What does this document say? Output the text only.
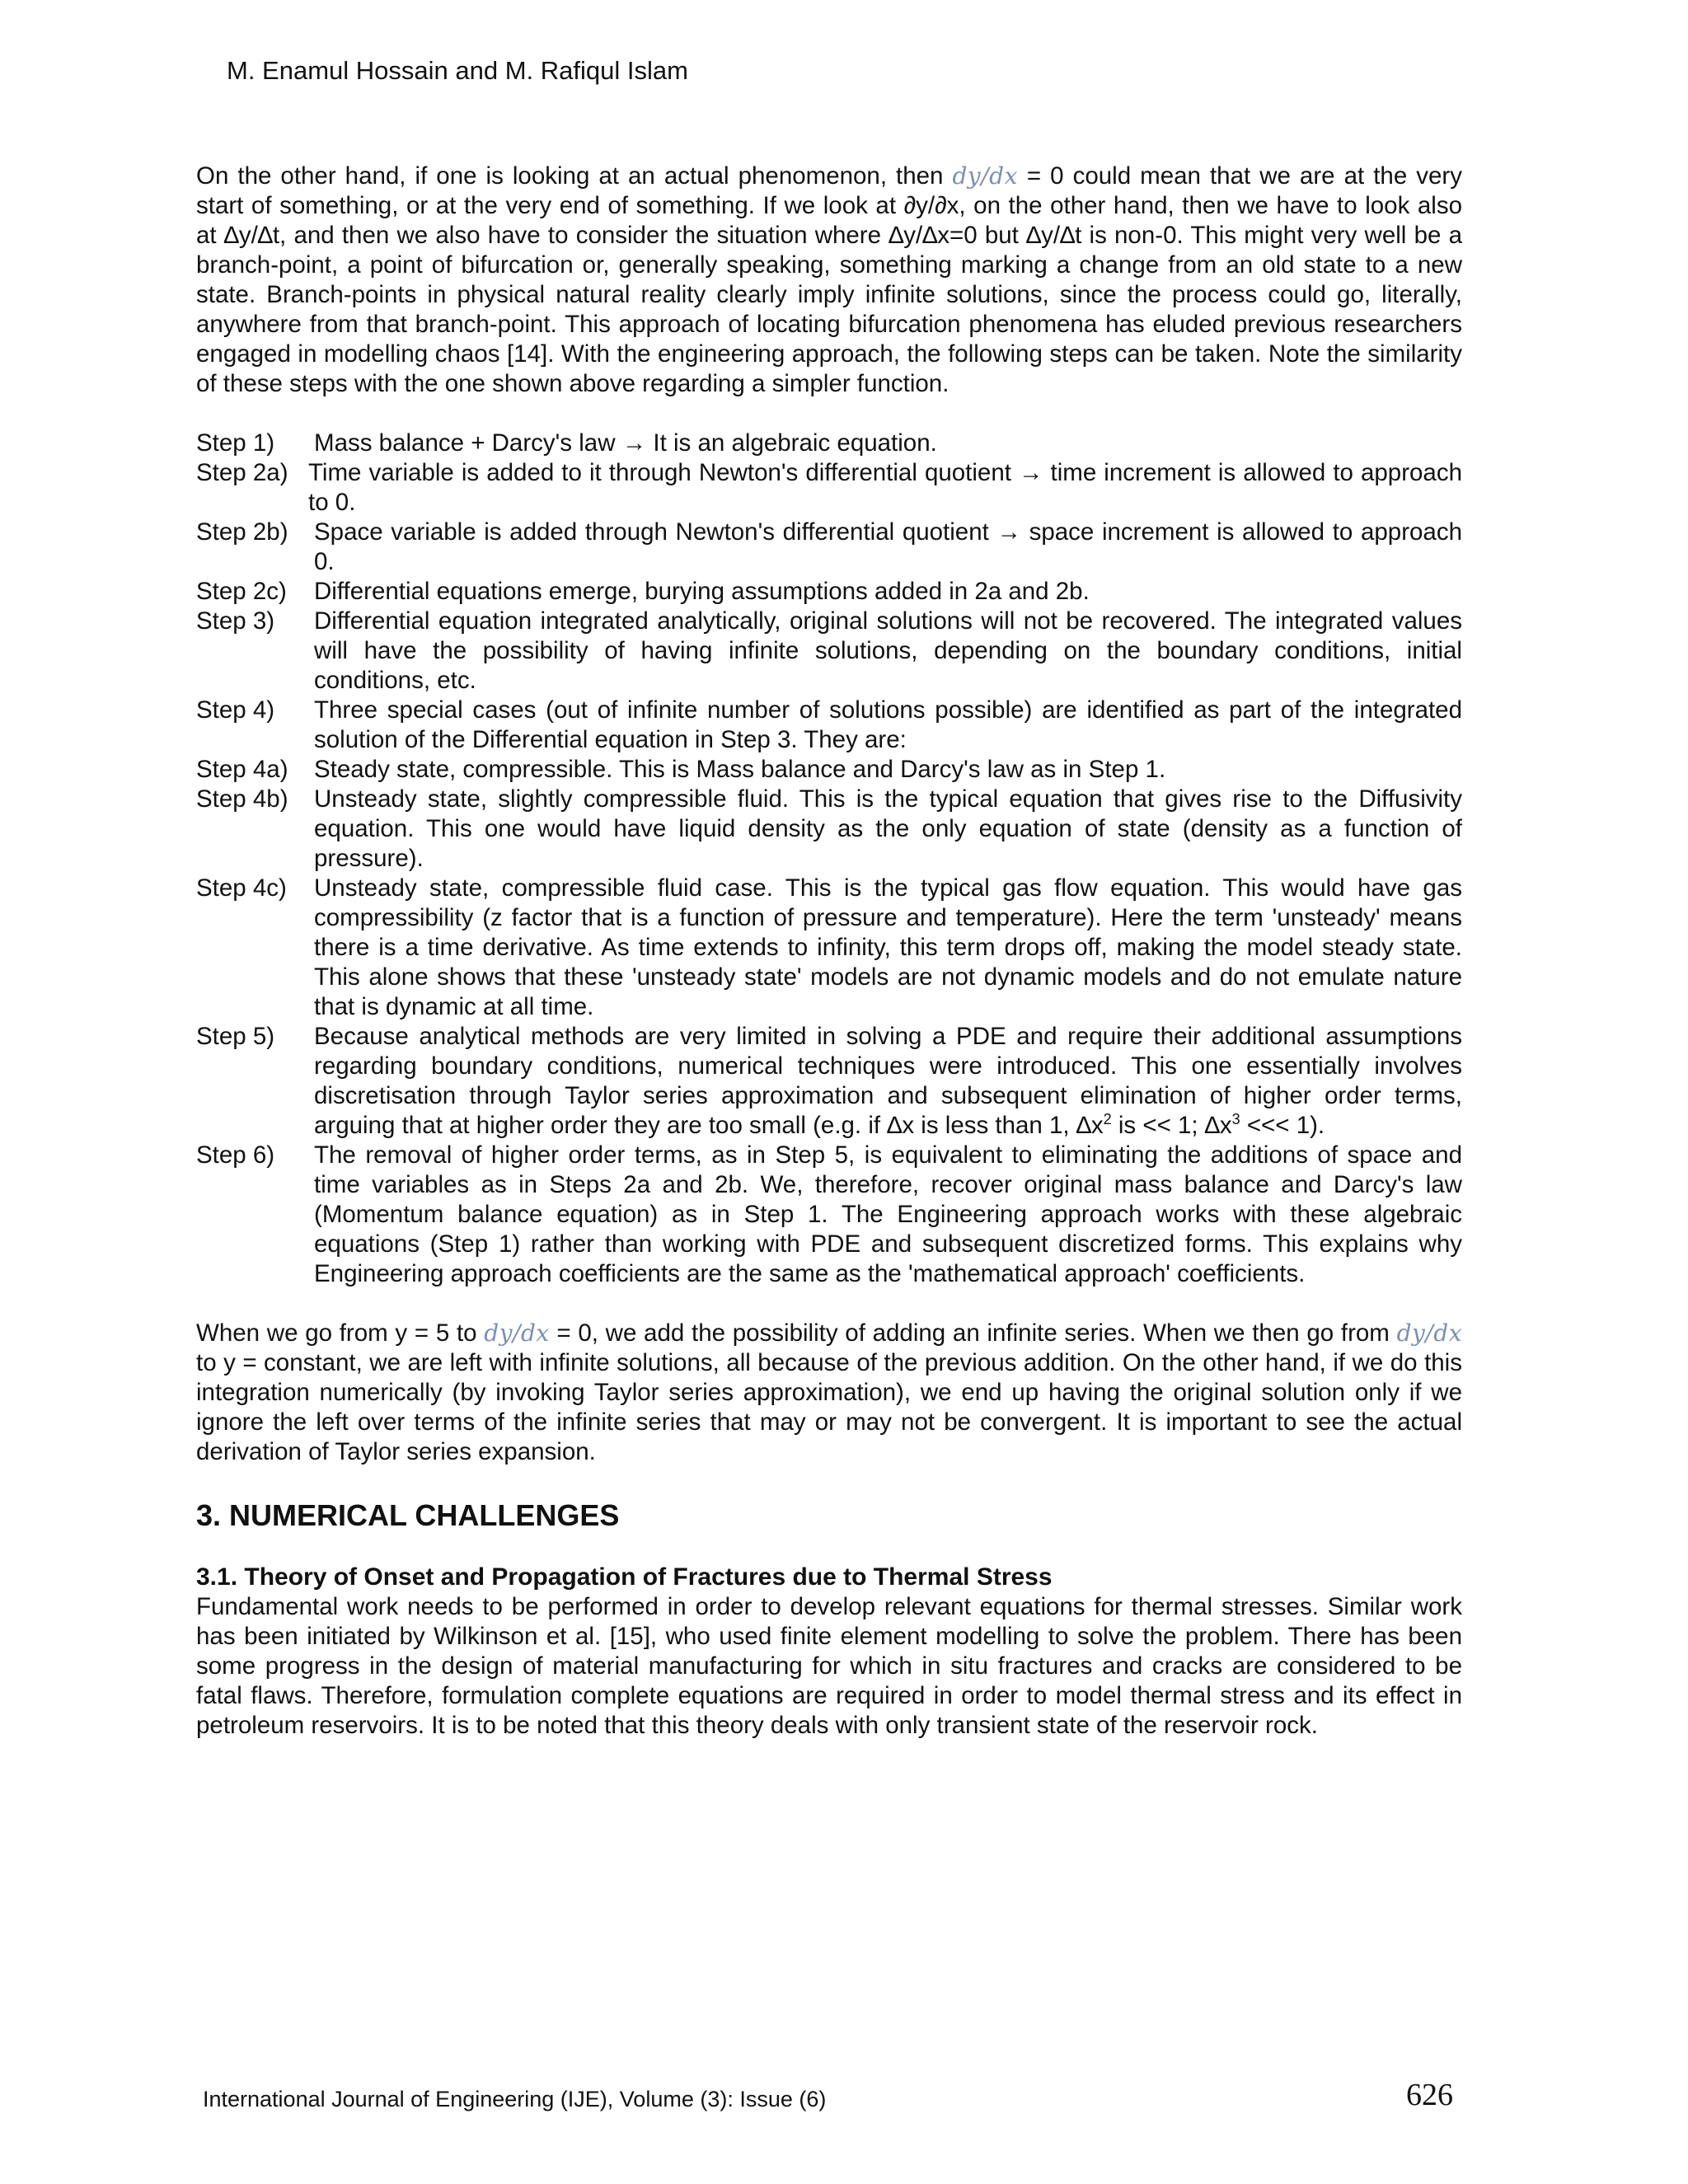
M. Enamul Hossain and M. Rafiqul Islam

On the other hand, if one is looking at an actual phenomenon, then dy/dx = 0 could mean that we are at the very start of something, or at the very end of something. If we look at ∂y/∂x, on the other hand, then we have to look also at ∆y/∆t, and then we also have to consider the situation where ∆y/∆x=0 but ∆y/∆t is non-0. This might very well be a branch-point, a point of bifurcation or, generally speaking, something marking a change from an old state to a new state. Branch-points in physical natural reality clearly imply infinite solutions, since the process could go, literally, anywhere from that branch-point. This approach of locating bifurcation phenomena has eluded previous researchers engaged in modelling chaos [14]. With the engineering approach, the following steps can be taken. Note the similarity of these steps with the one shown above regarding a simpler function.

Step 1)	Mass balance + Darcy's law → It is an algebraic equation.
Step 2a) Time variable is added to it through Newton's differential quotient → time increment is allowed to approach to 0.
Step 2b)	Space variable is added through Newton's differential quotient → space increment is allowed to approach 0.
Step 2c)	Differential equations emerge, burying assumptions added in 2a and 2b.
Step 3)	Differential equation integrated analytically, original solutions will not be recovered. The integrated values will have the possibility of having infinite solutions, depending on the boundary conditions, initial conditions, etc.
Step 4)	Three special cases (out of infinite number of solutions possible) are identified as part of the integrated solution of the Differential equation in Step 3. They are:
Step 4a)	Steady state, compressible. This is Mass balance and Darcy's law as in Step 1.
Step 4b)	Unsteady state, slightly compressible fluid. This is the typical equation that gives rise to the Diffusivity equation. This one would have liquid density as the only equation of state (density as a function of pressure).
Step 4c)	Unsteady state, compressible fluid case. This is the typical gas flow equation. This would have gas compressibility (z factor that is a function of pressure and temperature). Here the term 'unsteady' means there is a time derivative. As time extends to infinity, this term drops off, making the model steady state. This alone shows that these 'unsteady state' models are not dynamic models and do not emulate nature that is dynamic at all time.
Step 5)	Because analytical methods are very limited in solving a PDE and require their additional assumptions regarding boundary conditions, numerical techniques were introduced. This one essentially involves discretisation through Taylor series approximation and subsequent elimination of higher order terms, arguing that at higher order they are too small (e.g. if ∆x is less than 1, $\Delta x^2$ is << 1; $\Delta x^3$ <<< 1).
Step 6)	The removal of higher order terms, as in Step 5, is equivalent to eliminating the additions of space and time variables as in Steps 2a and 2b. We, therefore, recover original mass balance and Darcy's law (Momentum balance equation) as in Step 1. The Engineering approach works with these algebraic equations (Step 1) rather than working with PDE and subsequent discretized forms. This explains why Engineering approach coefficients are the same as the 'mathematical approach' coefficients.

When we go from y = 5 to dy/dx = 0, we add the possibility of adding an infinite series. When we then go from dy/dx to y = constant, we are left with infinite solutions, all because of the previous addition. On the other hand, if we do this integration numerically (by invoking Taylor series approximation), we end up having the original solution only if we ignore the left over terms of the infinite series that may or may not be convergent. It is important to see the actual derivation of Taylor series expansion.

3. NUMERICAL CHALLENGES
3.1. Theory of Onset and Propagation of Fractures due to Thermal Stress

Fundamental work needs to be performed in order to develop relevant equations for thermal stresses. Similar work has been initiated by Wilkinson et al. [15], who used finite element modelling to solve the problem. There has been some progress in the design of material manufacturing for which in situ fractures and cracks are considered to be fatal flaws. Therefore, formulation complete equations are required in order to model thermal stress and its effect in petroleum reservoirs. It is to be noted that this theory deals with only transient state of the reservoir rock.

International Journal of Engineering (IJE), Volume (3): Issue (6)	626
